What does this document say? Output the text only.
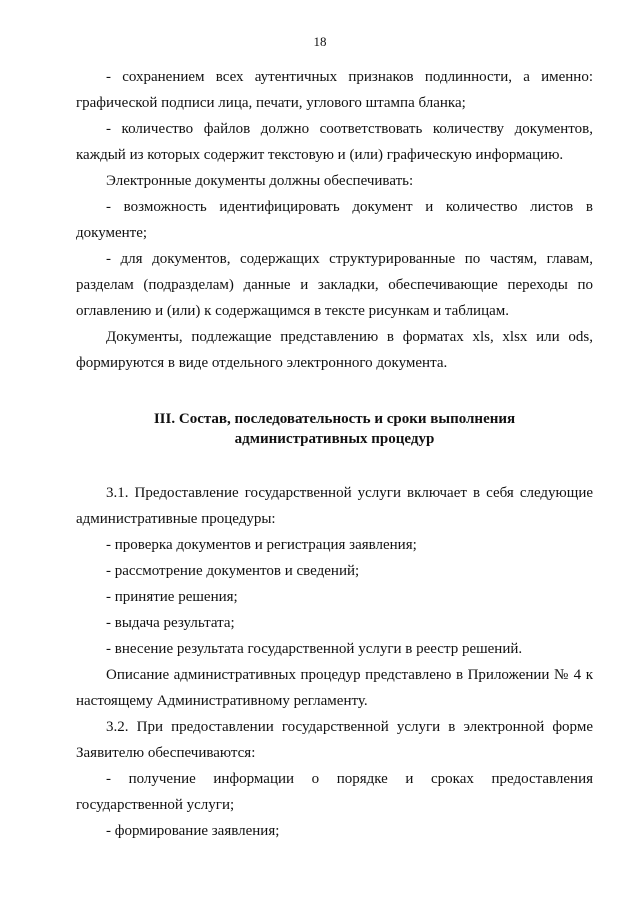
18

- сохранением всех аутентичных признаков подлинности, а именно: графической подписи лица, печати, углового штампа бланка;

- количество файлов должно соответствовать количеству документов, каждый из которых содержит текстовую и (или) графическую информацию.

Электронные документы должны обеспечивать:

- возможность идентифицировать документ и количество листов в документе;

- для документов, содержащих структурированные по частям, главам, разделам (подразделам) данные и закладки, обеспечивающие переходы по оглавлению и (или) к содержащимся в тексте рисункам и таблицам.

Документы, подлежащие представлению в форматах xls, xlsx или ods, формируются в виде отдельного электронного документа.

III. Состав, последовательность и сроки выполнения
административных процедур

3.1. Предоставление государственной услуги включает в себя следующие административные процедуры:

- проверка документов и регистрация заявления;

- рассмотрение документов и сведений;

- принятие решения;

- выдача результата;

- внесение результата государственной услуги в реестр решений.

Описание административных процедур представлено в Приложении № 4 к настоящему Административному регламенту.

3.2. При предоставлении государственной услуги в электронной форме Заявителю обеспечиваются:

- получение информации о порядке и сроках предоставления государственной услуги;

- формирование заявления;
